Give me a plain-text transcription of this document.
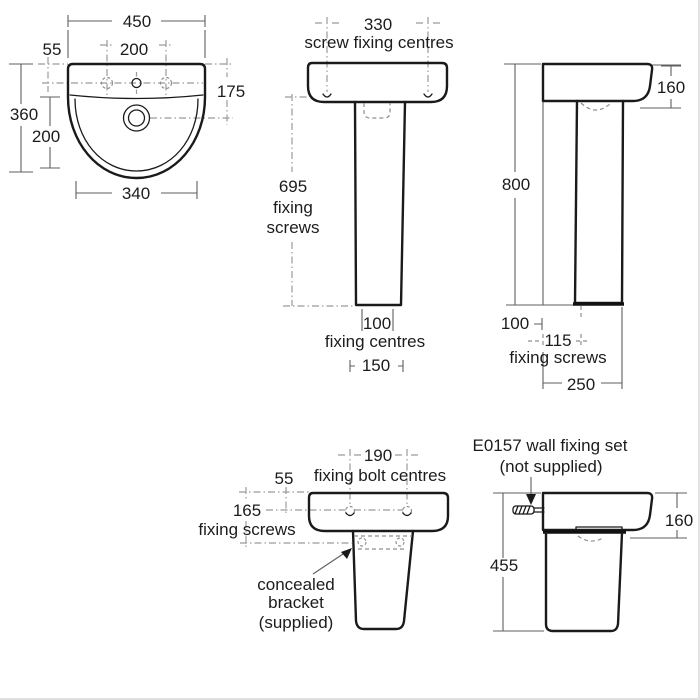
450
55	200
175
360
200
340
330
screw fixing centres
695
fixing
screws
100
fixing centres
150
160
800
100
115
fixing screws
250
190
fixing bolt centres
55
165
fixing screws
concealed
bracket
(supplied)
E0157 wall fixing set
(not supplied)
455
160
